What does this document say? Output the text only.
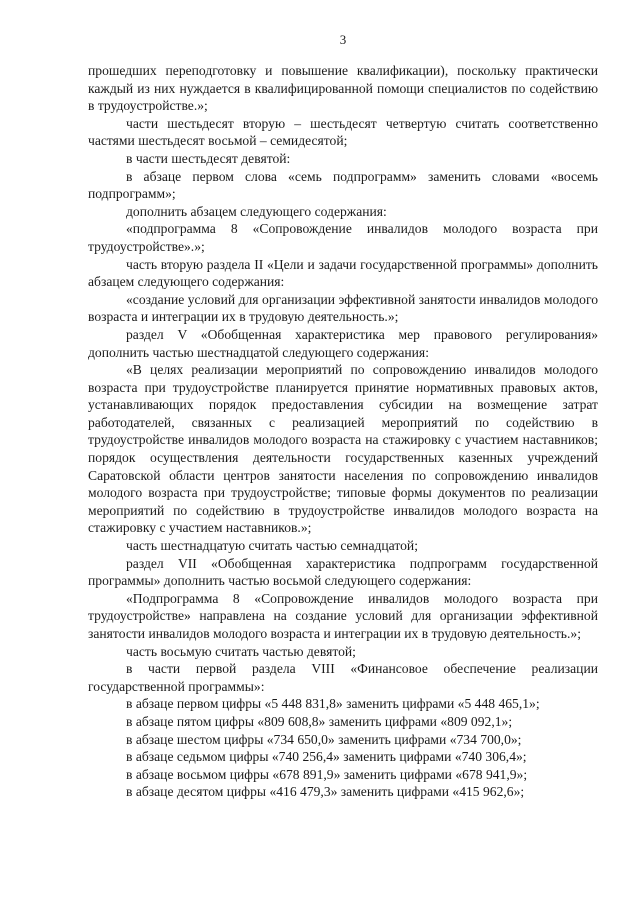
3

прошедших переподготовку и повышение квалификации), поскольку практически каждый из них нуждается в квалифицированной помощи специалистов по содействию в трудоустройстве.»;

части шестьдесят вторую – шестьдесят четвертую считать соответственно частями шестьдесят восьмой – семидесятой;

в части шестьдесят девятой:

в абзаце первом слова «семь подпрограмм» заменить словами «восемь подпрограмм»;

дополнить абзацем следующего содержания:

«подпрограмма 8 «Сопровождение инвалидов молодого возраста при трудоустройстве».»;

часть вторую раздела II «Цели и задачи государственной программы» дополнить абзацем следующего содержания:

«создание условий для организации эффективной занятости инвалидов молодого возраста и интеграции их в трудовую деятельность.»;

раздел V «Обобщенная характеристика мер правового регулирования» дополнить частью шестнадцатой следующего содержания:

«В целях реализации мероприятий по сопровождению инвалидов молодого возраста при трудоустройстве планируется принятие нормативных правовых актов, устанавливающих порядок предоставления субсидии на возмещение затрат работодателей, связанных с реализацией мероприятий по содействию в трудоустройстве инвалидов молодого возраста на стажировку с участием наставников; порядок осуществления деятельности государственных казенных учреждений Саратовской области центров занятости населения по сопровождению инвалидов молодого возраста при трудоустройстве; типовые формы документов по реализации мероприятий по содействию в трудоустройстве инвалидов молодого возраста на стажировку с участием наставников.»;

часть шестнадцатую считать частью семнадцатой;

раздел VII «Обобщенная характеристика подпрограмм государственной программы» дополнить частью восьмой следующего содержания:

«Подпрограмма 8 «Сопровождение инвалидов молодого возраста при трудоустройстве» направлена на создание условий для организации эффективной занятости инвалидов молодого возраста и интеграции их в трудовую деятельность.»;

часть восьмую считать частью девятой;

в части первой раздела VIII «Финансовое обеспечение реализации государственной программы»:

в абзаце первом цифры «5 448 831,8» заменить цифрами «5 448 465,1»;

в абзаце пятом цифры «809 608,8» заменить цифрами «809 092,1»;

в абзаце шестом цифры «734 650,0» заменить цифрами «734 700,0»;

в абзаце седьмом цифры «740 256,4» заменить цифрами «740 306,4»;

в абзаце восьмом цифры «678 891,9» заменить цифрами «678 941,9»;

в абзаце десятом цифры «416 479,3» заменить цифрами «415 962,6»;
